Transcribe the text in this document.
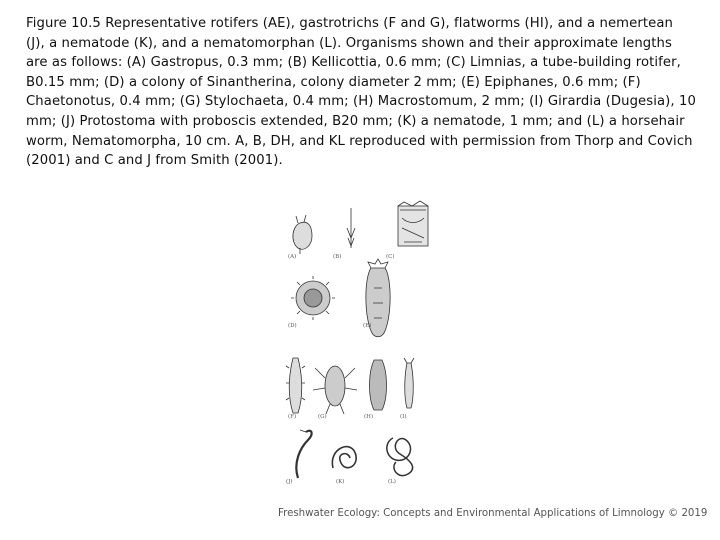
Figure 10.5 Representative rotifers (AE), gastrotrichs (F and G), flatworms (HI), and a nemertean (J), a nematode (K), and a nematomorphan (L). Organisms shown and their approximate lengths are as follows: (A) Gastropus, 0.3 mm; (B) Kellicottia, 0.6 mm; (C) Limnias, a tube-building rotifer, B0.15 mm; (D) a colony of Sinantherina, colony diameter 2 mm; (E) Epiphanes, 0.6 mm; (F) Chaetonotus, 0.4 mm; (G) Stylochaeta, 0.4 mm; (H) Macrostomum, 2 mm; (I) Girardia (Dugesia), 10 mm; (J) Protostoma with proboscis extended, B20 mm; (K) a nematode, 1 mm; and (L) a horsehair worm, Nematomorpha, 10 cm. A, B, DH, and KL reproduced with permission from Thorp and Covich (2001) and C and J from Smith (2001).
(A)	(B)	(C)
(D)	(E)
(F)	(G)	(H)	(I)
(J)	(K)	(L)
Freshwater Ecology: Concepts and Environmental Applications of Limnology © 2019
